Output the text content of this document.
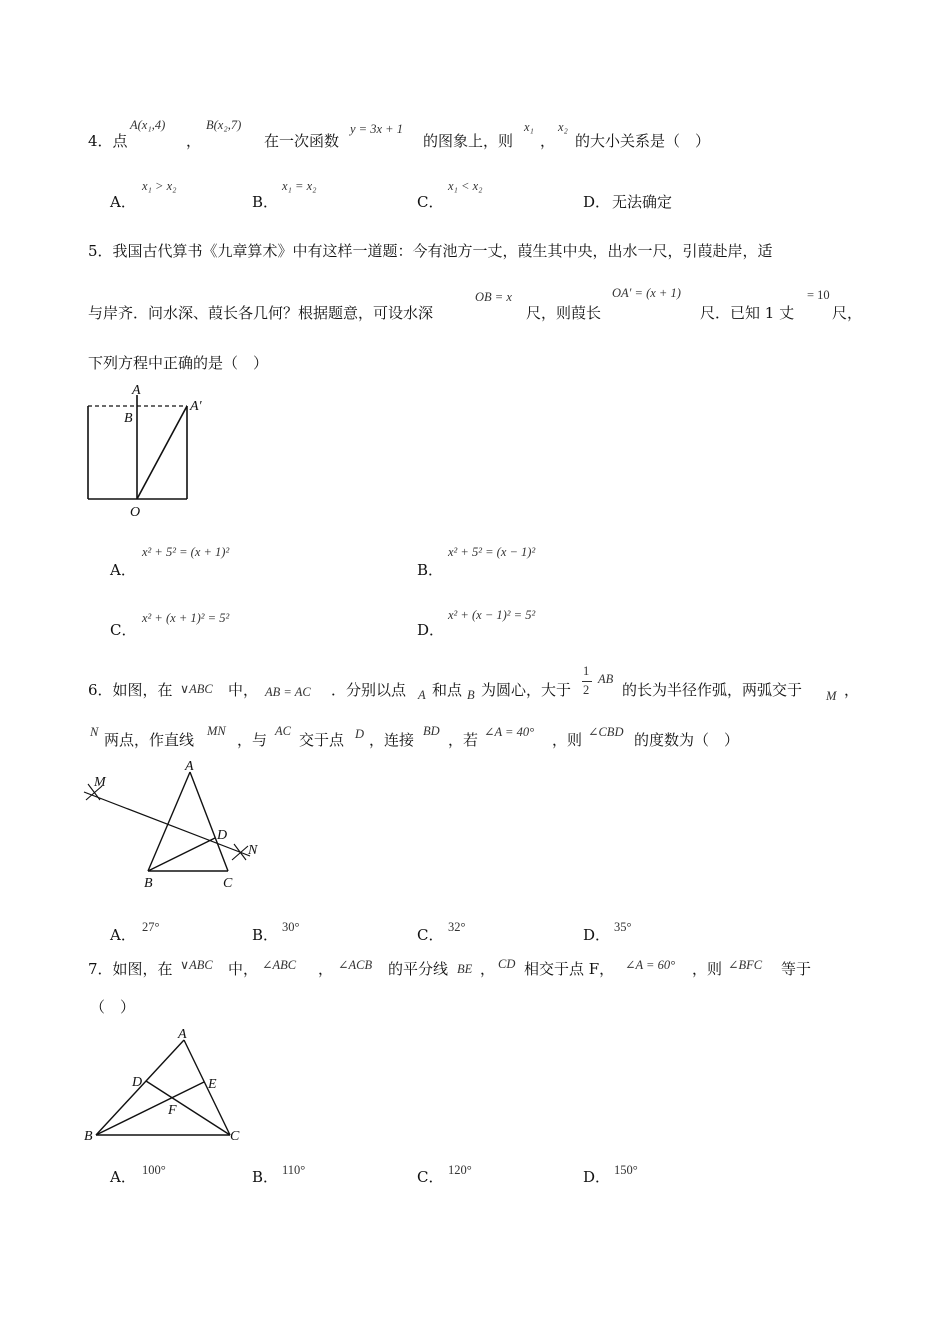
4．点
A(x₁,4)
，
B(x₂,7)
在一次函数
y = 3x + 1
的图象上，则
x₁
，
x₂
的大小关系是（　）
A．
x₁ > x₂
B．
x₁ = x₂
C．
x₁ < x₂
D． 无法确定
5．我国古代算书《九章算术》中有这样一道题：今有池方一丈，葭生其中央，出水一尺，引葭赴岸，适
与岸齐．问水深、葭长各几何？根据题意，可设水深
OB = x
尺，则葭长
OA′ = (x + 1)
尺．已知 1 丈
= 10
尺，
下列方程中正确的是（　）
A
B
A′
O
A．
x² + 5² = (x + 1)²
B．
x² + 5² = (x − 1)²
C．
x² + (x + 1)² = 5²
D．
x² + (x − 1)² = 5²
6．如图，在 ∨ABC 中， AB = AC ．分别以点 A 和点 B 为圆心，大于
1
2
AB
的长为半径作弧，两弧交于 M ，
N 两点，作直线 MN ，与 AC 交于点 D ，连接 BD ，若 ∠A = 40° ，则 ∠CBD 的度数为（　）
A
B	C
D
M
N
A． 27°	B． 30°	C． 32°	D． 35°
7．如图，在 ∨ABC 中， ∠ABC ， ∠ACB 的平分线 BE ， CD 相交于点 F， ∠A = 60° ，则 ∠BFC 等于
（　）
A
B	C
D	E
F
A． 100°	B． 110°	C． 120°	D． 150°
